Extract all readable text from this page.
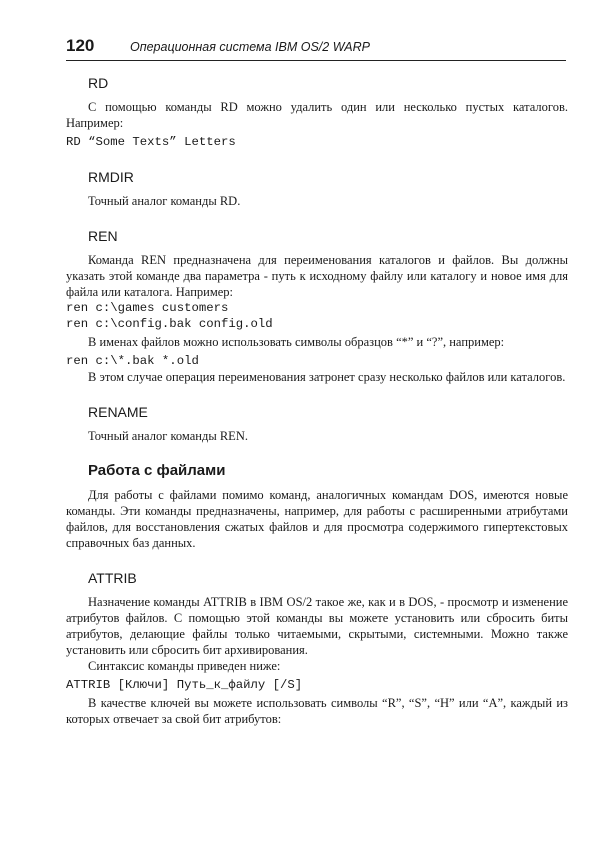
120	Операционная система IBM OS/2 WARP
RD

С помощью команды RD можно удалить один или несколько пустых каталогов. Например:

RD “Some Texts” Letters
RMDIR

Точный аналог команды RD.

REN

Команда REN предназначена для переименования каталогов и файлов. Вы должны указать этой команде два параметра - путь к исходному файлу или каталогу и новое имя для файла или каталога. Например:

ren c:\games customers
ren c:\config.bak config.old

В именах файлов можно использовать символы образцов “*” и “?”, например:

ren c:\*.bak *.old

В этом случае операция переименования затронет сразу несколько файлов или каталогов.

RENAME

Точный аналог команды REN.

Работа с файлами

Для работы с файлами помимо команд, аналогичных командам DOS, имеются новые команды. Эти команды предназначены, например, для работы с расширенными атрибутами файлов, для восстановления сжатых файлов и для просмотра содержимого гипертекстовых справочных баз данных.

ATTRIB

Назначение команды ATTRIB в IBM OS/2 такое же, как и в DOS, - просмотр и изменение атрибутов файлов. С помощью этой команды вы можете установить или сбросить биты атрибутов, делающие файлы только читаемыми, скрытыми, системными. Можно также установить или сбросить бит архивирования.

Синтаксис команды приведен ниже:

ATTRIB [Ключи] Путь_к_файлу [/S]

В качестве ключей вы можете использовать символы “R”, “S”, “H” или “A”, каждый из которых отвечает за свой бит атрибутов:
